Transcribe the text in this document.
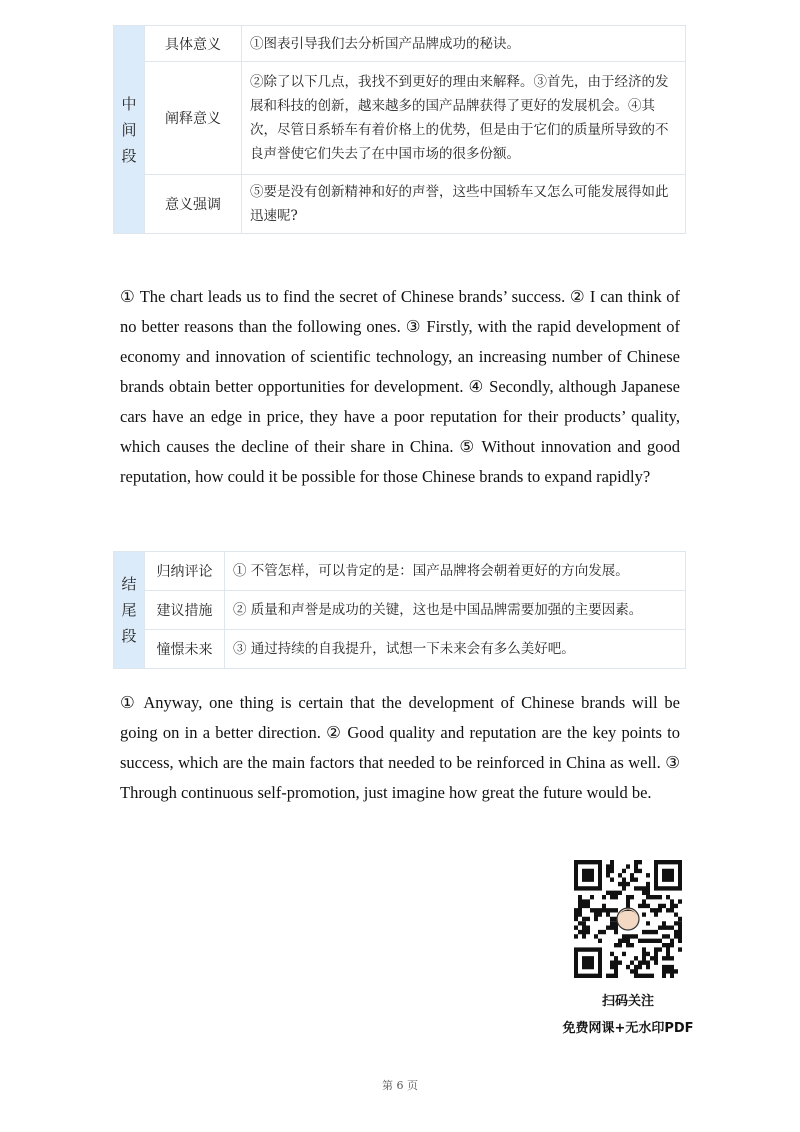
中
间
段	具体意义	①图表引导我们去分析国产品牌成功的秘诀。
	阐释意义	②除了以下几点，我找不到更好的理由来解释。③首先，由于经济的发展和科技的创新，越来越多的国产品牌获得了更好的发展机会。④其次，尽管日系轿车有着价格上的优势，但是由于它们的质量所导致的不良声誉使它们失去了在中国市场的很多份额。
	意义强调	⑤要是没有创新精神和好的声誉，这些中国轿车又怎么可能发展得如此迅速呢?

① The chart leads us to find the secret of Chinese brands’ success. ② I can think of no better reasons than the following ones. ③ Firstly, with the rapid development of economy and innovation of scientific technology, an increasing number of Chinese brands obtain better opportunities for development. ④ Secondly, although Japanese cars have an edge in price, they have a poor reputation for their products’ quality, which causes the decline of their share in China. ⑤ Without innovation and good reputation, how could it be possible for those Chinese brands to expand rapidly?

结
尾
段	归纳评论	① 不管怎样，可以肯定的是：国产品牌将会朝着更好的方向发展。
	建议措施	② 质量和声誉是成功的关键，这也是中国品牌需要加强的主要因素。
	憧憬未来	③ 通过持续的自我提升，试想一下未来会有多么美好吧。

① Anyway, one thing is certain that the development of Chinese brands will be going on in a better direction. ② Good quality and reputation are the key points to success, which are the main factors that needed to be reinforced in China as well. ③ Through continuous self-promotion, just imagine how great the future would be.

扫码关注
免费网课+无水印PDF
第 6 页
